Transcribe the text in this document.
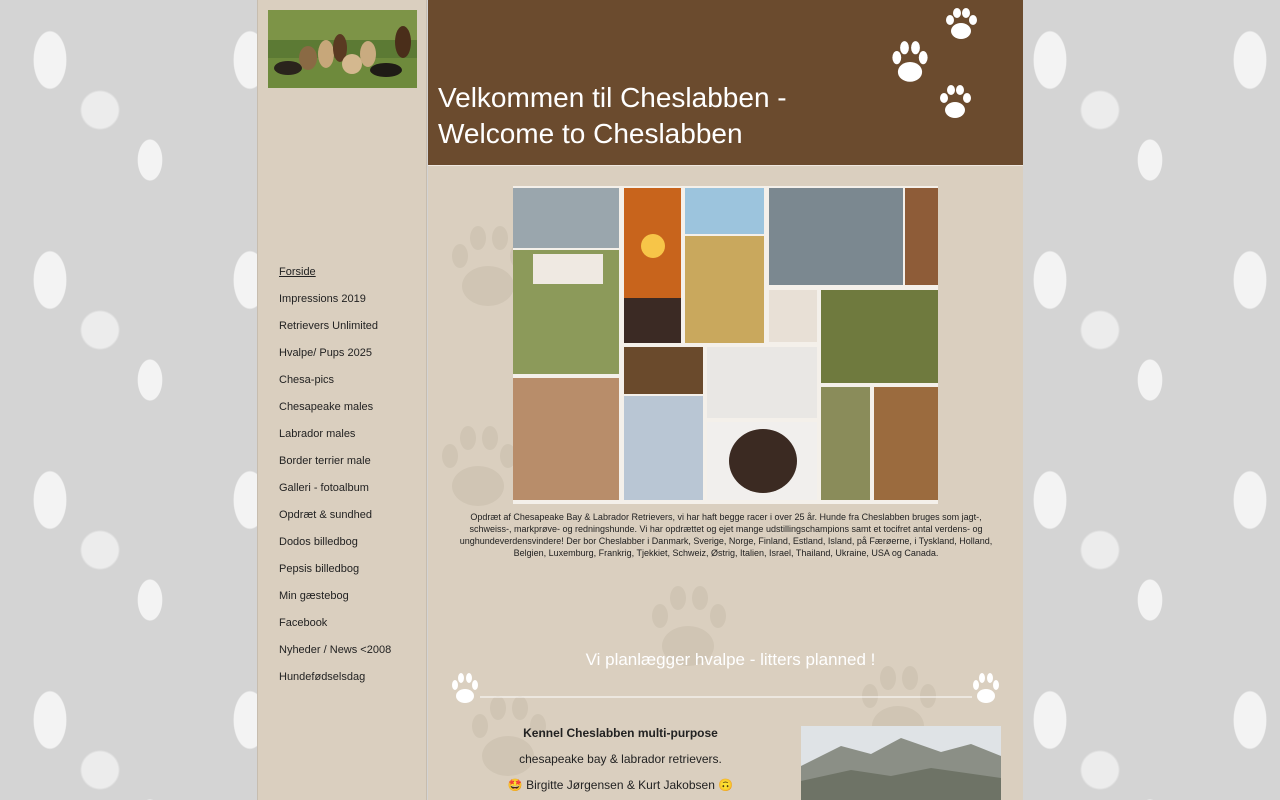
Forside
Impressions 2019
Retrievers Unlimited
Hvalpe/ Pups 2025
Chesa-pics
Chesapeake males
Labrador males
Border terrier male
Galleri - fotoalbum
Opdræt & sundhed
Dodos billedbog
Pepsis billedbog
Min gæstebog
Facebook
Nyheder / News <2008
Hundefødselsdag
Velkommen til Cheslabben - Welcome to Cheslabben

Opdræt af Chesapeake Bay & Labrador Retrievers, vi har haft begge racer i over 25 år. Hunde fra Cheslabben bruges som jagt-, schweiss-, markprøve- og redningshunde. Vi har opdrættet og ejet mange udstillingschampions samt et tocifret antal verdens- og unghundeverdensvindere! Der bor Cheslabber i Danmark, Sverige, Norge, Finland, Estland, Island, på Færøerne, i Tyskland, Holland, Belgien, Luxemburg, Frankrig, Tjekkiet, Schweiz, Østrig, Italien, Israel, Thailand, Ukraine, USA og Canada.

Vi planlægger hvalpe - litters planned !

Kennel Cheslabben multi-purpose

chesapeake bay & labrador retrievers.

🤩 Birgitte Jørgensen & Kurt Jakobsen 🙃
